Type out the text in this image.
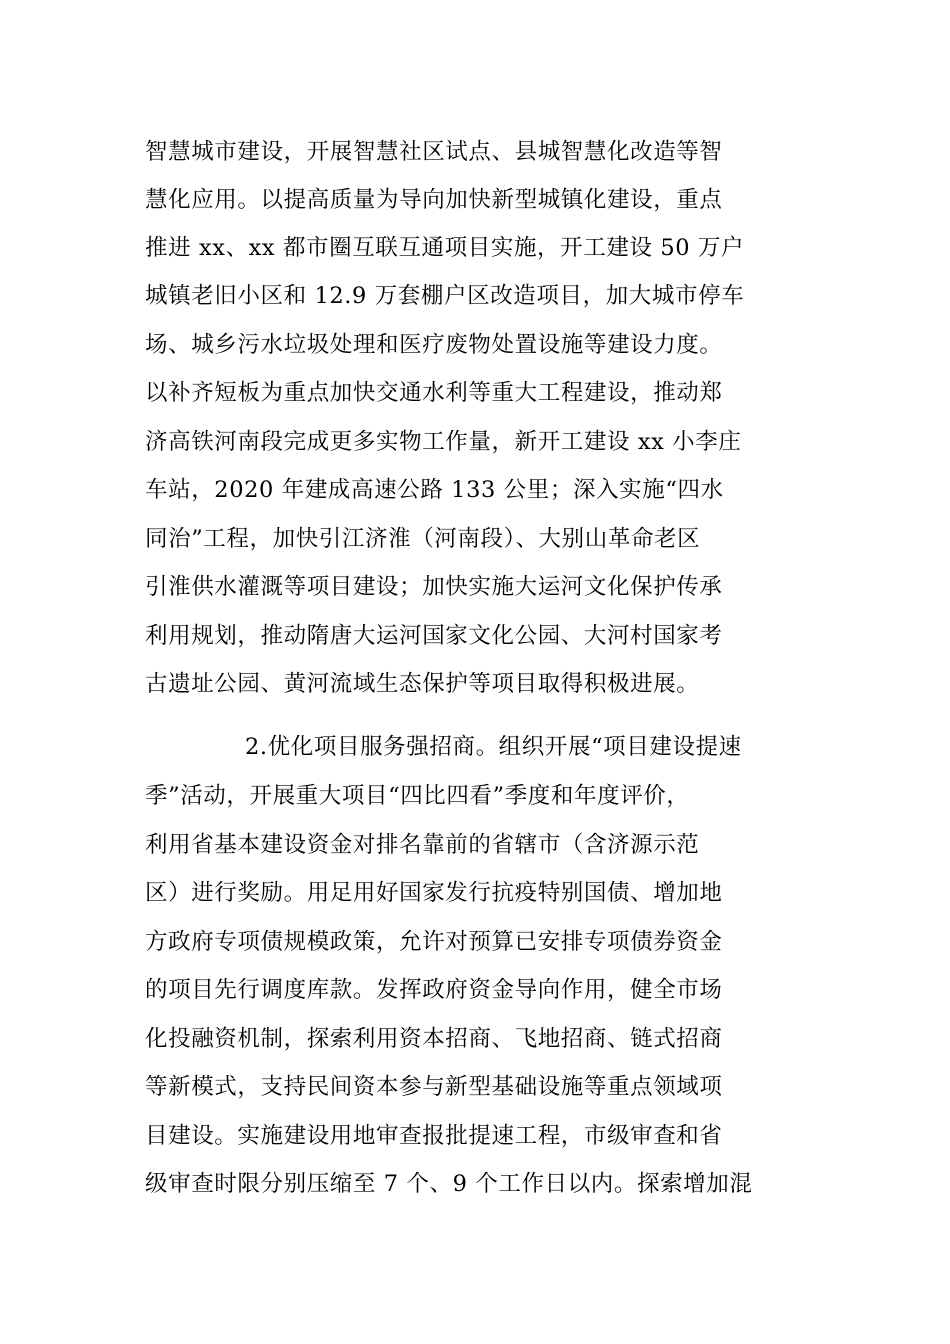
智慧城市建设，开展智慧社区试点、县城智慧化改造等智
慧化应用。以提高质量为导向加快新型城镇化建设，重点
推进 xx、xx 都市圈互联互通项目实施，开工建设 50 万户
城镇老旧小区和 12.9 万套棚户区改造项目，加大城市停车
场、城乡污水垃圾处理和医疗废物处置设施等建设力度。
以补齐短板为重点加快交通水利等重大工程建设，推动郑
济高铁河南段完成更多实物工作量，新开工建设 xx 小李庄
车站，2020 年建成高速公路 133 公里；深入实施“四水
同治”工程，加快引江济淮（河南段）、大别山革命老区
引淮供水灌溉等项目建设；加快实施大运河文化保护传承
利用规划，推动隋唐大运河国家文化公园、大河村国家考
古遗址公园、黄河流域生态保护等项目取得积极进展。
2.优化项目服务强招商。组织开展“项目建设提速
季”活动，开展重大项目“四比四看”季度和年度评价，
利用省基本建设资金对排名靠前的省辖市（含济源示范
区）进行奖励。用足用好国家发行抗疫特别国债、增加地
方政府专项债规模政策，允许对预算已安排专项债券资金
的项目先行调度库款。发挥政府资金导向作用，健全市场
化投融资机制，探索利用资本招商、飞地招商、链式招商
等新模式，支持民间资本参与新型基础设施等重点领域项
目建设。实施建设用地审查报批提速工程，市级审查和省
级审查时限分别压缩至 7 个、9 个工作日以内。探索增加混
